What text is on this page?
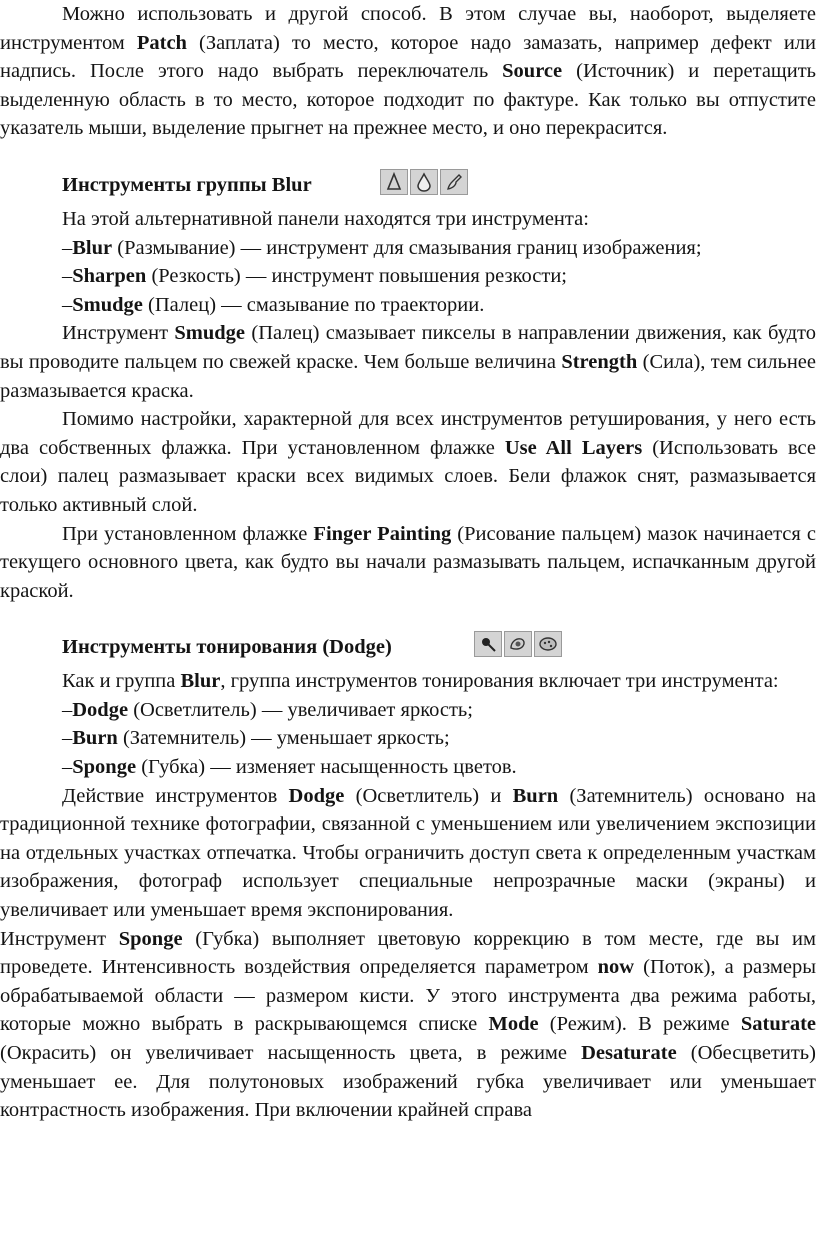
Можно использовать и другой способ. В этом случае вы, наоборот, выделяете инструментом Patch (Заплата) то место, которое надо замазать, например дефект или надпись. После этого надо выбрать переключатель Source (Источник) и перетащить выделенную область в то место, которое подходит по фактуре. Как только вы отпустите указатель мыши, выделение прыгнет на прежнее место, и оно перекрасится.

Инструменты группы Blur

На этой альтернативной панели находятся три инструмента:

–Blur (Размывание) — инструмент для смазывания границ изображения;

–Sharpen (Резкость) — инструмент повышения резкости;

–Smudge (Палец) — смазывание по траектории.

Инструмент Smudge (Палец) смазывает пикселы в направлении движения, как будто вы проводите пальцем по свежей краске. Чем больше величина Strength (Сила), тем сильнее размазывается краска.

Помимо настройки, характерной для всех инструментов ретуширования, у него есть два собственных флажка. При установленном флажке Use All Layers (Использовать все слои) палец размазывает краски всех видимых слоев. Бели флажок снят, размазывается только активный слой.

При установленном флажке Finger Painting (Рисование пальцем) мазок начинается с текущего основного цвета, как будто вы начали размазывать пальцем, испачканным другой краской.

Инструменты тонирования (Dodge)

Как и группа Blur, группа инструментов тонирования включает три инструмента:

–Dodge (Осветлитель) — увеличивает яркость;

–Burn (Затемнитель) — уменьшает яркость;

–Sponge (Губка) — изменяет насыщенность цветов.

Действие инструментов Dodge (Осветлитель) и Burn (Затемнитель) основано на традиционной технике фотографии, связанной с уменьшением или увеличением экспозиции на отдельных участках отпечатка. Чтобы ограничить доступ света к определенным участкам изображения, фотограф использует специальные непрозрачные маски (экраны) и увеличивает или уменьшает время экспонирования.

Инструмент Sponge (Губка) выполняет цветовую коррекцию в том месте, где вы им проведете. Интенсивность воздействия определяется параметром now (Поток), а размеры обрабатываемой области — размером кисти. У этого инструмента два режима работы, которые можно выбрать в раскрывающемся списке Mode (Режим). В режиме Saturate (Окрасить) он увеличивает насыщенность цвета, в режиме Desaturate (Обесцветить) уменьшает ее. Для полутоновых изображений губка увеличивает или уменьшает контрастность изображения. При включении крайней справа
